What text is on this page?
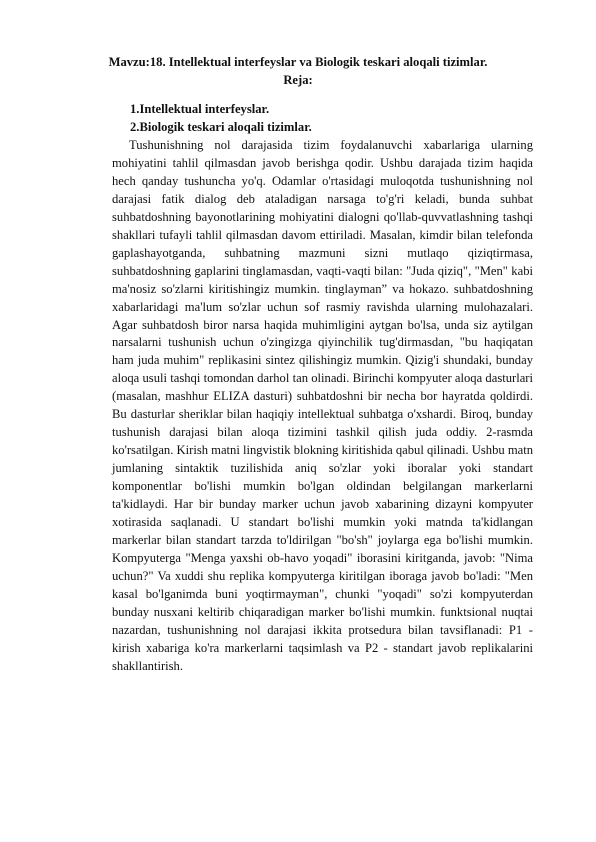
Mavzu:18. Intellektual interfeyslar va Biologik teskari aloqali tizimlar.
Reja:
1.Intellektual interfeyslar.
2.Biologik teskari aloqali tizimlar.

Tushunishning nol darajasida tizim foydalanuvchi xabarlariga ularning mohiyatini tahlil qilmasdan javob berishga qodir. Ushbu darajada tizim haqida hech qanday tushuncha yo'q. Odamlar o'rtasidagi muloqotda tushunishning nol darajasi fatik dialog deb ataladigan narsaga to'g'ri keladi, bunda suhbat suhbatdoshning bayonotlarining mohiyatini dialogni qo'llab-quvvatlashning tashqi shakllari tufayli tahlil qilmasdan davom ettiriladi. Masalan, kimdir bilan telefonda gaplashayotganda, suhbatning mazmuni sizni mutlaqo qiziqtirmasa, suhbatdoshning gaplarini tinglamasdan, vaqti-vaqti bilan: "Juda qiziq", "Men" kabi ma'nosiz so'zlarni kiritishingiz mumkin. tinglayman” va hokazo. suhbatdoshning xabarlaridagi ma'lum so'zlar uchun sof rasmiy ravishda ularning mulohazalari. Agar suhbatdosh biror narsa haqida muhimligini aytgan bo'lsa, unda siz aytilgan narsalarni tushunish uchun o'zingizga qiyinchilik tug'dirmasdan, "bu haqiqatan ham juda muhim" replikasini sintez qilishingiz mumkin. Qizig'i shundaki, bunday aloqa usuli tashqi tomondan darhol tan olinadi. Birinchi kompyuter aloqa dasturlari (masalan, mashhur ELIZA dasturi) suhbatdoshni bir necha bor hayratda qoldirdi. Bu dasturlar sheriklar bilan haqiqiy intellektual suhbatga o'xshardi. Biroq, bunday tushunish darajasi bilan aloqa tizimini tashkil qilish juda oddiy. 2-rasmda ko'rsatilgan. Kirish matni lingvistik blokning kiritishida qabul qilinadi. Ushbu matn jumlaning sintaktik tuzilishida aniq so'zlar yoki iboralar yoki standart komponentlar bo'lishi mumkin bo'lgan oldindan belgilangan markerlarni ta'kidlaydi. Har bir bunday marker uchun javob xabarining dizayni kompyuter xotirasida saqlanadi. U standart bo'lishi mumkin yoki matnda ta'kidlangan markerlar bilan standart tarzda to'ldirilgan "bo'sh" joylarga ega bo'lishi mumkin. Kompyuterga "Menga yaxshi ob-havo yoqadi" iborasini kiritganda, javob: "Nima uchun?" Va xuddi shu replika kompyuterga kiritilgan iboraga javob bo'ladi: "Men kasal bo'lganimda buni yoqtirmayman", chunki "yoqadi" so'zi kompyuterdan bunday nusxani keltirib chiqaradigan marker bo'lishi mumkin. funktsional nuqtai nazardan, tushunishning nol darajasi ikkita protsedura bilan tavsiflanadi: P1 - kirish xabariga ko'ra markerlarni taqsimlash va P2 - standart javob replikalarini shakllantirish.
